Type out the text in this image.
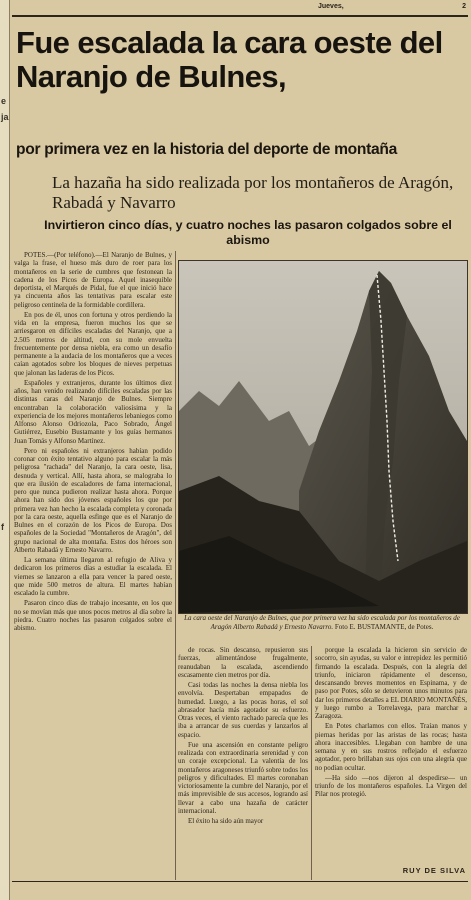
e
ja
f
Jueves,	2
Fue escalada la cara oeste del Naranjo de Bulnes,
por primera vez en la historia del deporte de montaña
La hazaña ha sido realizada por los montañeros de Aragón, Rabadá y Navarro
Invirtieron cinco días, y cuatro noches las pasaron colgados sobre el abismo

POTES.—(Por teléfono).—El Naranjo de Bulnes, y valga la frase, el hueso más duro de roer para los montañeros en la serie de cumbres que festonean la cadena de los Picos de Europa. Aquel inasequible deportista, el Marqués de Pidal, fue el que inició hace ya cincuenta años las tentativas para escalar este peligroso centinela de la formidable cordillera.

En pos de él, unos con fortuna y otros perdiendo la vida en la empresa, fueron muchos los que se arriesgaron en difíciles escaladas del Naranjo, que a 2.505 metros de altitud, con su mole envuelta frecuentemente por densa niebla, era como un desafío permanente a la audacia de los montañeros que a veces caían agotados sobre los bloques de nieves perpetuas que jalonan las laderas de los Picos.

Españoles y extranjeros, durante los últimos diez años, han venido realizando difíciles escaladas por las distintas caras del Naranjo de Bulnes. Siempre encontraban la colaboración valiosísima y la experiencia de los mejores montañeros lebaniegos como Alfonso Alonso Odriozola, Paco Sobrado, Ángel Gutiérrez, Eusebio Bustamante y los guías hermanos Juan Tomás y Alfonso Martínez.

Pero ni españoles ni extranjeros habían podido coronar con éxito tentativo alguno para escalar la más peligrosa "rachada" del Naranjo, la cara oeste, lisa, desnuda y vertical. Allí, hasta ahora, se malograba lo que era ilusión de escaladores de fama internacional, pero que nunca pudieron realizar hasta ahora. Porque ahora han sido dos jóvenes españoles los que por primera vez han hecho la escalada completa y coronada por la cara oeste, aquella esfinge que es el Naranjo de Bulnes en el corazón de los Picos de Europa. Dos españoles de la Sociedad "Montañeros de Aragón", del grupo nacional de alta montaña. Estos dos héroes son Alberto Rabadá y Ernesto Navarro.

La semana última llegaron al refugio de Aliva y dedicaron los primeros días a estudiar la escalada. El viernes se lanzaron a ella para vencer la pared oeste, que mide 500 metros de altura. El martes habían escalado la cumbre.

Pasaron cinco días de trabajo incesante, en los que no se movían más que unos pocos metros al día sobre la piedra. Cuatro noches las pasaron colgados sobre el abismo.

La cara oeste del Naranjo de Bulnes, que por primera vez ha sido escalada por los montañeros de Aragón Alberto Rabadá y Ernesto Navarro. Foto E. BUSTAMANTE, de Potes.

de rocas. Sin descanso, repusieron sus fuerzas, alimentándose frugalmente, reanudaban la escalada, ascendiendo escasamente cien metros por día.

Casi todas las noches la densa niebla los envolvía. Despertaban empapados de humedad. Luego, a las pocas horas, el sol abrasador hacía más agotador su esfuerzo. Otras veces, el viento rachado parecía que les iba a arrancar de sus cuerdas y lanzarlos al espacio.

Fue una ascensión en constante peligro realizada con extraordinaria serenidad y con un coraje excepcional. La valentía de los montañeros aragoneses triunfó sobre todos los peligros y dificultades. El martes coronaban victoriosamente la cumbre del Naranjo, por el más imprevisible de sus accesos, logrando así llevar a cabo una hazaña de carácter internacional.

El éxito ha sido aún mayor

porque la escalada la hicieron sin servicio de socorro, sin ayudas, su valor e intrepidez les permitió firmando la escalada. Después, con la alegría del triunfo, iniciaron rápidamente el descenso, descansando breves momentos en Espinama, y de paso por Potes, sólo se detuvieron unos minutos para dar los primeros detalles a EL DIARIO MONTAÑÉS, y luego rumbo a Torrelavega, para marchar a Zaragoza.

En Potes charlamos con ellos. Traían manos y piernas heridas por las aristas de las rocas; hasta ahora inaccesibles. Llegaban con hambre de una semana y en sus rostros reflejado el esfuerzo agotador, pero brillaban sus ojos con una alegría que no podían ocultar.

—Ha sido —nos dijeron al despedirse— un triunfo de los montañeros españoles. La Virgen del Pilar nos protegió.

RUY DE SILVA
